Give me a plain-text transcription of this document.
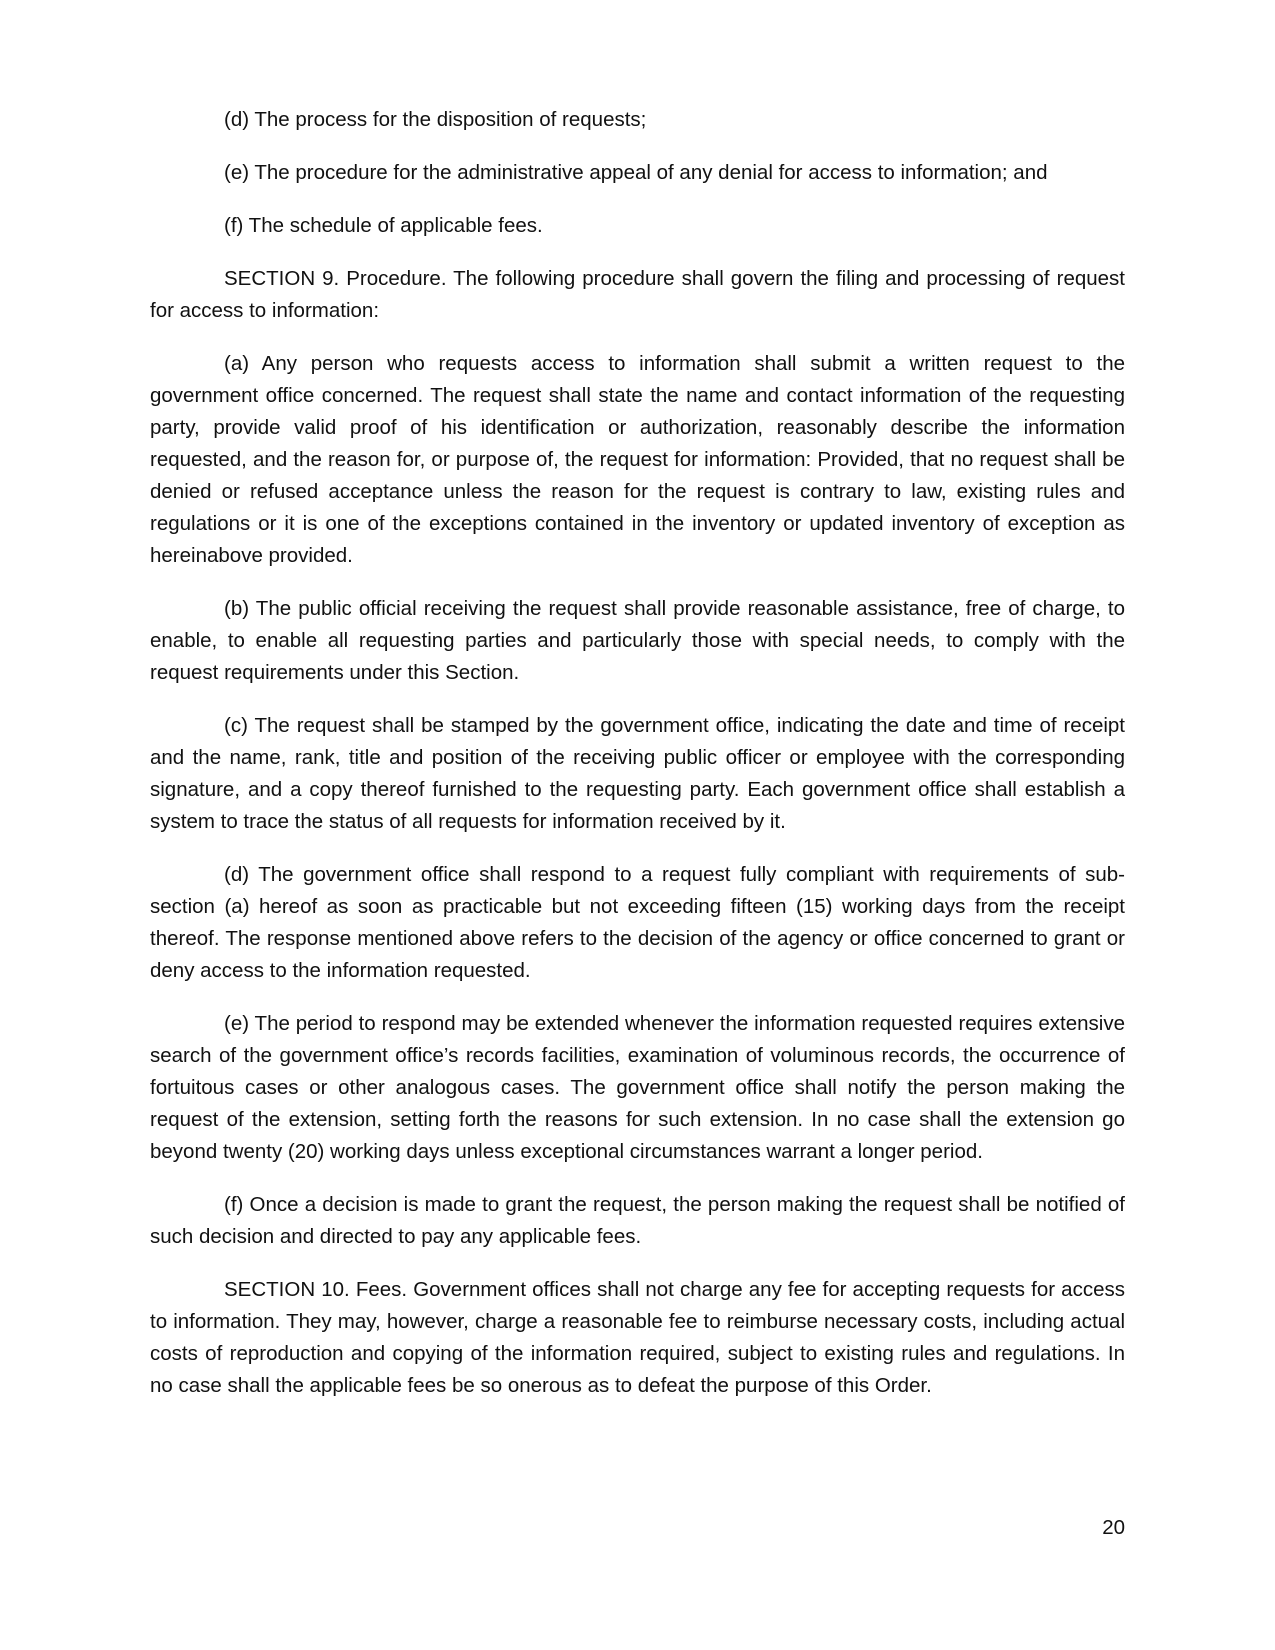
(d) The process for the disposition of requests;

(e) The procedure for the administrative appeal of any denial for access to information; and

(f) The schedule of applicable fees.

SECTION 9. Procedure. The following procedure shall govern the filing and processing of request for access to information:

(a) Any person who requests access to information shall submit a written request to the government office concerned. The request shall state the name and contact information of the requesting party, provide valid proof of his identification or authorization, reasonably describe the information requested, and the reason for, or purpose of, the request for information: Provided, that no request shall be denied or refused acceptance unless the reason for the request is contrary to law, existing rules and regulations or it is one of the exceptions contained in the inventory or updated inventory of exception as hereinabove provided.

(b) The public official receiving the request shall provide reasonable assistance, free of charge, to enable, to enable all requesting parties and particularly those with special needs, to comply with the request requirements under this Section.

(c) The request shall be stamped by the government office, indicating the date and time of receipt and the name, rank, title and position of the receiving public officer or employee with the corresponding signature, and a copy thereof furnished to the requesting party. Each government office shall establish a system to trace the status of all requests for information received by it.

(d) The government office shall respond to a request fully compliant with requirements of sub-section (a) hereof as soon as practicable but not exceeding fifteen (15) working days from the receipt thereof. The response mentioned above refers to the decision of the agency or office concerned to grant or deny access to the information requested.

(e) The period to respond may be extended whenever the information requested requires extensive search of the government office’s records facilities, examination of voluminous records, the occurrence of fortuitous cases or other analogous cases. The government office shall notify the person making the request of the extension, setting forth the reasons for such extension. In no case shall the extension go beyond twenty (20) working days unless exceptional circumstances warrant a longer period.

(f) Once a decision is made to grant the request, the person making the request shall be notified of such decision and directed to pay any applicable fees.

SECTION 10. Fees. Government offices shall not charge any fee for accepting requests for access to information. They may, however, charge a reasonable fee to reimburse necessary costs, including actual costs of reproduction and copying of the information required, subject to existing rules and regulations. In no case shall the applicable fees be so onerous as to defeat the purpose of this Order.

20
